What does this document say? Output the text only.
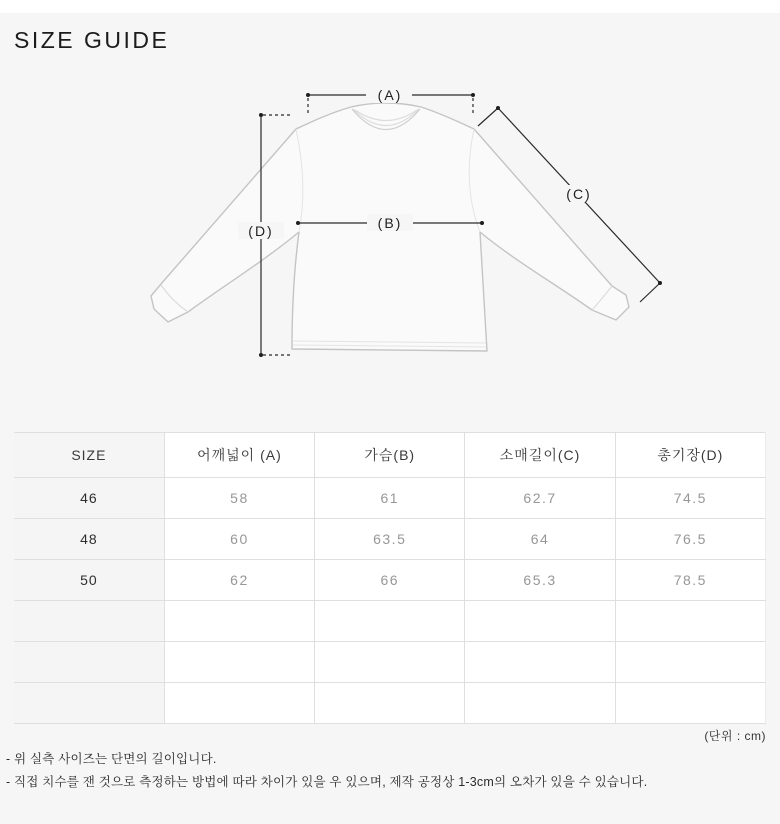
SIZE GUIDE
(A)
(B)
(C)
(D)
SIZE	어깨넓이 (A)	가슴(B)	소매길이(C)	총기장(D)
46	58	61	62.7	74.5
48	60	63.5	64	76.5
50	62	66	65.3	78.5

(단위 : cm)
- 위 실측 사이즈는 단면의 길이입니다.
- 직접 치수를 잰 것으로 측정하는 방법에 따라 차이가 있을 우 있으며, 제작 공정상 1-3cm의 오차가 있을 수 있습니다.
